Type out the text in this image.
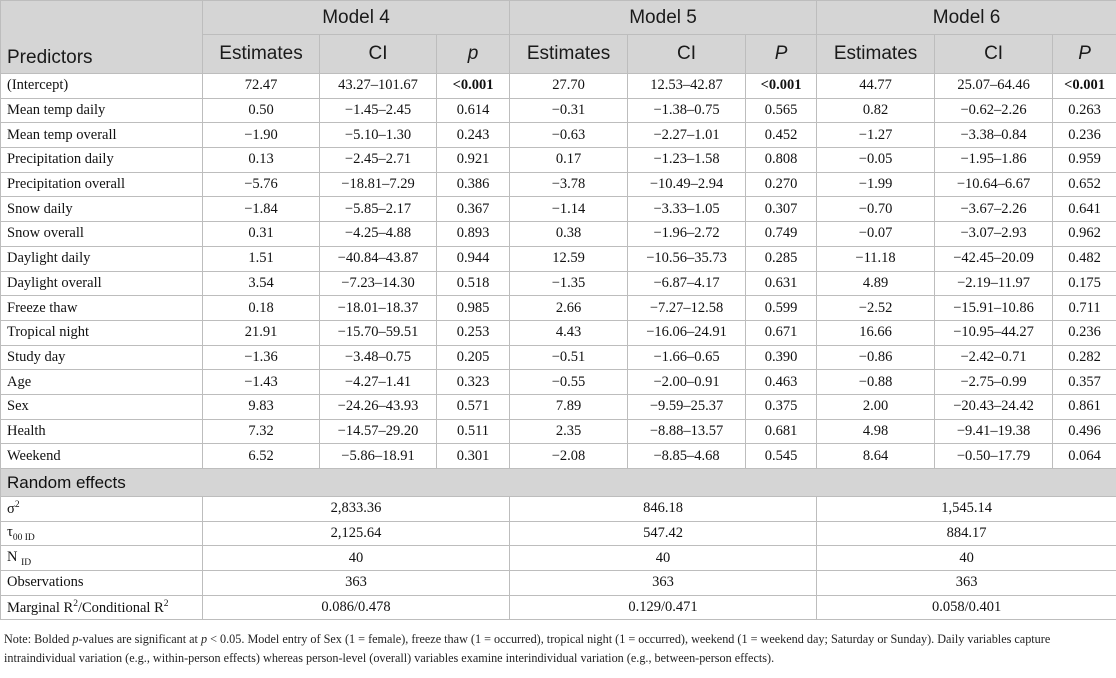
Predictors	Model 4			Model 5			Model 6		
	Estimates	CI	p	Estimates	CI	P	Estimates	CI	P
(Intercept)	72.47	43.27–101.67	<0.001	27.70	12.53–42.87	<0.001	44.77	25.07–64.46	<0.001
Mean temp daily	0.50	−1.45–2.45	0.614	−0.31	−1.38–0.75	0.565	0.82	−0.62–2.26	0.263
Mean temp overall	−1.90	−5.10–1.30	0.243	−0.63	−2.27–1.01	0.452	−1.27	−3.38–0.84	0.236
Precipitation daily	0.13	−2.45–2.71	0.921	0.17	−1.23–1.58	0.808	−0.05	−1.95–1.86	0.959
Precipitation overall	−5.76	−18.81–7.29	0.386	−3.78	−10.49–2.94	0.270	−1.99	−10.64–6.67	0.652
Snow daily	−1.84	−5.85–2.17	0.367	−1.14	−3.33–1.05	0.307	−0.70	−3.67–2.26	0.641
Snow overall	0.31	−4.25–4.88	0.893	0.38	−1.96–2.72	0.749	−0.07	−3.07–2.93	0.962
Daylight daily	1.51	−40.84–43.87	0.944	12.59	−10.56–35.73	0.285	−11.18	−42.45–20.09	0.482
Daylight overall	3.54	−7.23–14.30	0.518	−1.35	−6.87–4.17	0.631	4.89	−2.19–11.97	0.175
Freeze thaw	0.18	−18.01–18.37	0.985	2.66	−7.27–12.58	0.599	−2.52	−15.91–10.86	0.711
Tropical night	21.91	−15.70–59.51	0.253	4.43	−16.06–24.91	0.671	16.66	−10.95–44.27	0.236
Study day	−1.36	−3.48–0.75	0.205	−0.51	−1.66–0.65	0.390	−0.86	−2.42–0.71	0.282
Age	−1.43	−4.27–1.41	0.323	−0.55	−2.00–0.91	0.463	−0.88	−2.75–0.99	0.357
Sex	9.83	−24.26–43.93	0.571	7.89	−9.59–25.37	0.375	2.00	−20.43–24.42	0.861
Health	7.32	−14.57–29.20	0.511	2.35	−8.88–13.57	0.681	4.98	−9.41–19.38	0.496
Weekend	6.52	−5.86–18.91	0.301	−2.08	−8.85–4.68	0.545	8.64	−0.50–17.79	0.064
Random effects									
$\sigma^2$	2,833.36			846.18			1,545.14		
$\tau_{00 ID}$	2,125.64			547.42			884.17		
N $_{ID}$	40			40			40		
Observations	363			363			363		
Marginal $R^2$/Conditional $R^2$	0.086/0.478			0.129/0.471			0.058/0.401		
Note: Bolded p-values are significant at p < 0.05. Model entry of Sex (1 = female), freeze thaw (1 = occurred), tropical night (1 = occurred), weekend (1 = weekend day; Saturday or Sunday). Daily variables capture intraindividual variation (e.g., within-person effects) whereas person-level (overall) variables examine interindividual variation (e.g., between-person effects).
